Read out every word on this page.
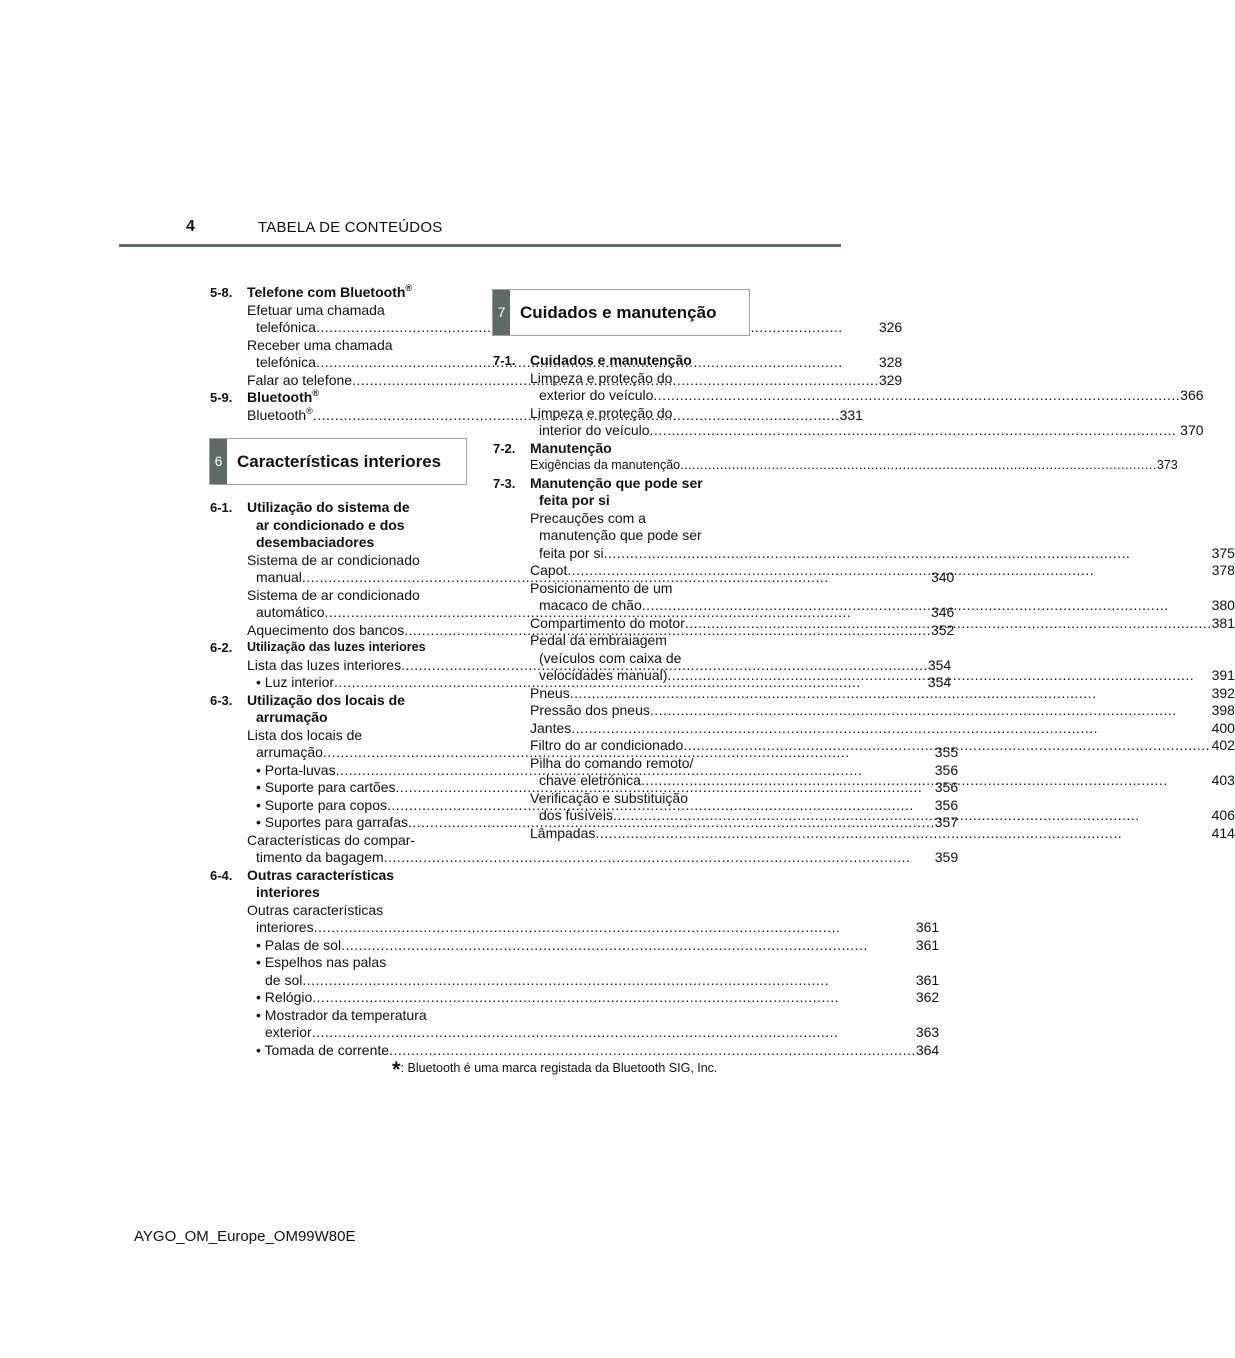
4	TABELA DE CONTEÚDOS
5-8.	Telefone com Bluetooth®
Efetuar uma chamada
telefónica .....	326
Receber uma chamada
telefónica .....	328
Falar ao telefone .....	329
5-9.	Bluetooth®
Bluetooth® .....	331
6 Características interiores
6-1.	Utilização do sistema de
ar condicionado e dos
desembaciadores
Sistema de ar condicionado
manual .....	340
Sistema de ar condicionado
automático .....	346
Aquecimento dos bancos .....	352
6-2.	Utilização das luzes interiores
Lista das luzes interiores .....	354
• Luz interior .....	354
6-3.	Utilização dos locais de
arrumação
Lista dos locais de
arrumação .....	355
• Porta-luvas .....	356
• Suporte para cartões .....	356
• Suporte para copos .....	356
• Suportes para garrafas .....	357
Características do compar-
timento da bagagem .....	359
6-4.	Outras características
interiores
Outras características
interiores .....	361
• Palas de sol .....	361
• Espelhos nas palas
de sol .....	361
• Relógio .....	362
• Mostrador da temperatura
exterior .....	363
• Tomada de corrente .....	364
7 Cuidados e manutenção
7-1.	Cuidados e manutenção
Limpeza e proteção do
exterior do veículo .....	366
Limpeza e proteção do
interior do veículo .....	370
7-2.	Manutenção
Exigências da manutenção .....	373
7-3.	Manutenção que pode ser
feita por si
Precauções com a
manutenção que pode ser
feita por si .....	375
Capot .....	378
Posicionamento de um
macaco de chão .....	380
Compartimento do motor .....	381
Pedal da embraiagem
(veículos com caixa de
velocidades manual) .....	391
Pneus .....	392
Pressão dos pneus .....	398
Jantes .....	400
Filtro do ar condicionado .....	402
Pilha do comando remoto/
chave eletrónica .....	403
Verificação e substituição
dos fusíveis .....	406
Lâmpadas .....	414
*: Bluetooth é uma marca registada da Bluetooth SIG, Inc.
AYGO_OM_Europe_OM99W80E
